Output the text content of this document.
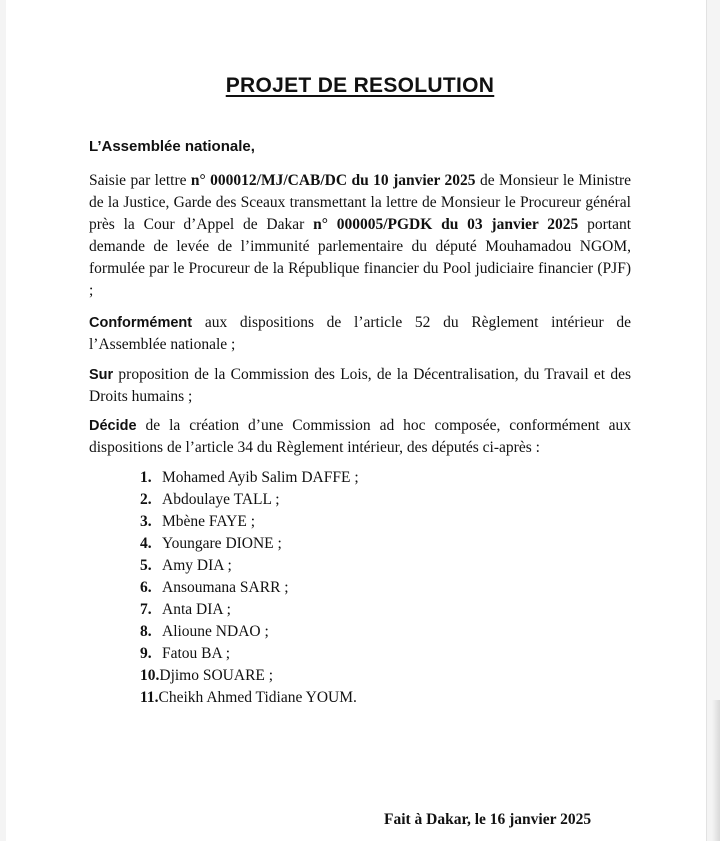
PROJET DE RESOLUTION
L’Assemblée nationale,
Saisie par lettre n° 000012/MJ/CAB/DC du 10 janvier 2025 de Monsieur le Ministre de la Justice, Garde des Sceaux transmettant la lettre de Monsieur le Procureur général près la Cour d’Appel de Dakar n° 000005/PGDK du 03 janvier 2025 portant demande de levée de l’immunité parlementaire du député Mouhamadou NGOM, formulée par le Procureur de la République financier du Pool judiciaire financier (PJF) ;
Conformément aux dispositions de l’article 52 du Règlement intérieur de l’Assemblée nationale ;
Sur proposition de la Commission des Lois, de la Décentralisation, du Travail et des Droits humains ;
Décide de la création d’une Commission ad hoc composée, conformément aux dispositions de l’article 34 du Règlement intérieur, des députés ci-après :
1. Mohamed Ayib Salim DAFFE ;
2. Abdoulaye TALL ;
3. Mbène FAYE ;
4. Youngare DIONE ;
5. Amy DIA ;
6. Ansoumana SARR ;
7. Anta DIA ;
8. Alioune NDAO ;
9. Fatou BA ;
10.Djimo SOUARE ;
11.Cheikh Ahmed Tidiane YOUM.
Fait à Dakar, le 16 janvier 2025
